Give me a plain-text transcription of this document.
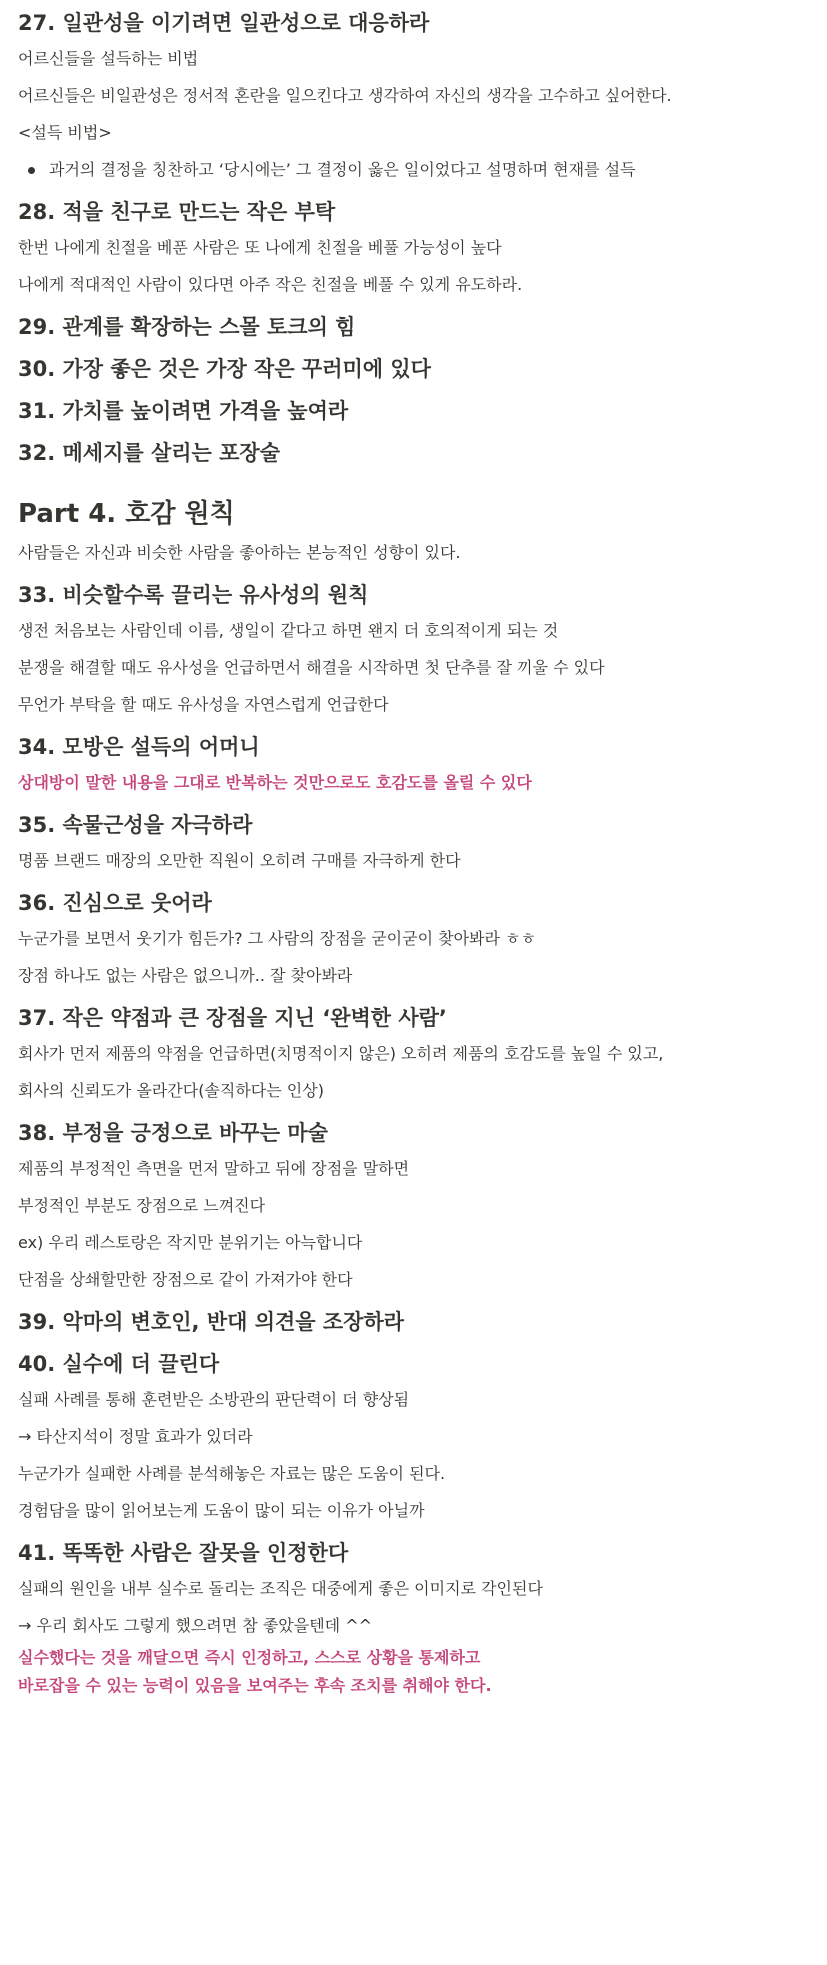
27. 일관성을 이기려면 일관성으로 대응하라
어르신들을 설득하는 비법
어르신들은 비일관성은 정서적 혼란을 일으킨다고 생각하여 자신의 생각을 고수하고 싶어한다.
<설득 비법>
과거의 결정을 칭찬하고 ‘당시에는’ 그 결정이 옳은 일이었다고 설명하며 현재를 설득
28. 적을 친구로 만드는 작은 부탁
한번 나에게 친절을 베푼 사람은 또 나에게 친절을 베풀 가능성이 높다
나에게 적대적인 사람이 있다면 아주 작은 친절을 베풀 수 있게 유도하라.
29. 관계를 확장하는 스몰 토크의 힘
30. 가장 좋은 것은 가장 작은 꾸러미에 있다
31. 가치를 높이려면 가격을 높여라
32. 메세지를 살리는 포장술
Part 4. 호감 원칙
사람들은 자신과 비슷한 사람을 좋아하는 본능적인 성향이 있다.
33. 비슷할수록 끌리는 유사성의 원칙
생전 처음보는 사람인데 이름, 생일이 같다고 하면 왠지 더 호의적이게 되는 것
분쟁을 해결할 때도 유사성을 언급하면서 해결을 시작하면 첫 단추를 잘 끼울 수 있다
무언가 부탁을 할 때도 유사성을 자연스럽게 언급한다
34. 모방은 설득의 어머니
상대방이 말한 내용을 그대로 반복하는 것만으로도 호감도를 올릴 수 있다
35. 속물근성을 자극하라
명품 브랜드 매장의 오만한 직원이 오히려 구매를 자극하게 한다
36. 진심으로 웃어라
누군가를 보면서 웃기가 힘든가? 그 사람의 장점을 굳이굳이 찾아봐라 ㅎㅎ
장점 하나도 없는 사람은 없으니까.. 잘 찾아봐라
37. 작은 약점과 큰 장점을 지닌 ‘완벽한 사람’
회사가 먼저 제품의 약점을 언급하면(치명적이지 않은) 오히려 제품의 호감도를 높일 수 있고,
회사의 신뢰도가 올라간다(솔직하다는 인상)
38. 부정을 긍정으로 바꾸는 마술
제품의 부정적인 측면을 먼저 말하고 뒤에 장점을 말하면
부정적인 부분도 장점으로 느껴진다
ex) 우리 레스토랑은 작지만 분위기는 아늑합니다
단점을 상쇄할만한 장점으로 같이 가져가야 한다
39. 악마의 변호인, 반대 의견을 조장하라
40. 실수에 더 끌린다
실패 사례를 통해 훈련받은 소방관의 판단력이 더 향상됨
→ 타산지석이 정말 효과가 있더라
누군가가 실패한 사례를 분석해놓은 자료는 많은 도움이 된다.
경험담을 많이 읽어보는게 도움이 많이 되는 이유가 아닐까
41. 똑똑한 사람은 잘못을 인정한다
실패의 원인을 내부 실수로 돌리는 조직은 대중에게 좋은 이미지로 각인된다
→ 우리 회사도 그렇게 했으려면 참 좋았을텐데 ^^
실수했다는 것을 깨달으면 즉시 인정하고, 스스로 상황을 통제하고
바로잡을 수 있는 능력이 있음을 보여주는 후속 조치를 취해야 한다.
